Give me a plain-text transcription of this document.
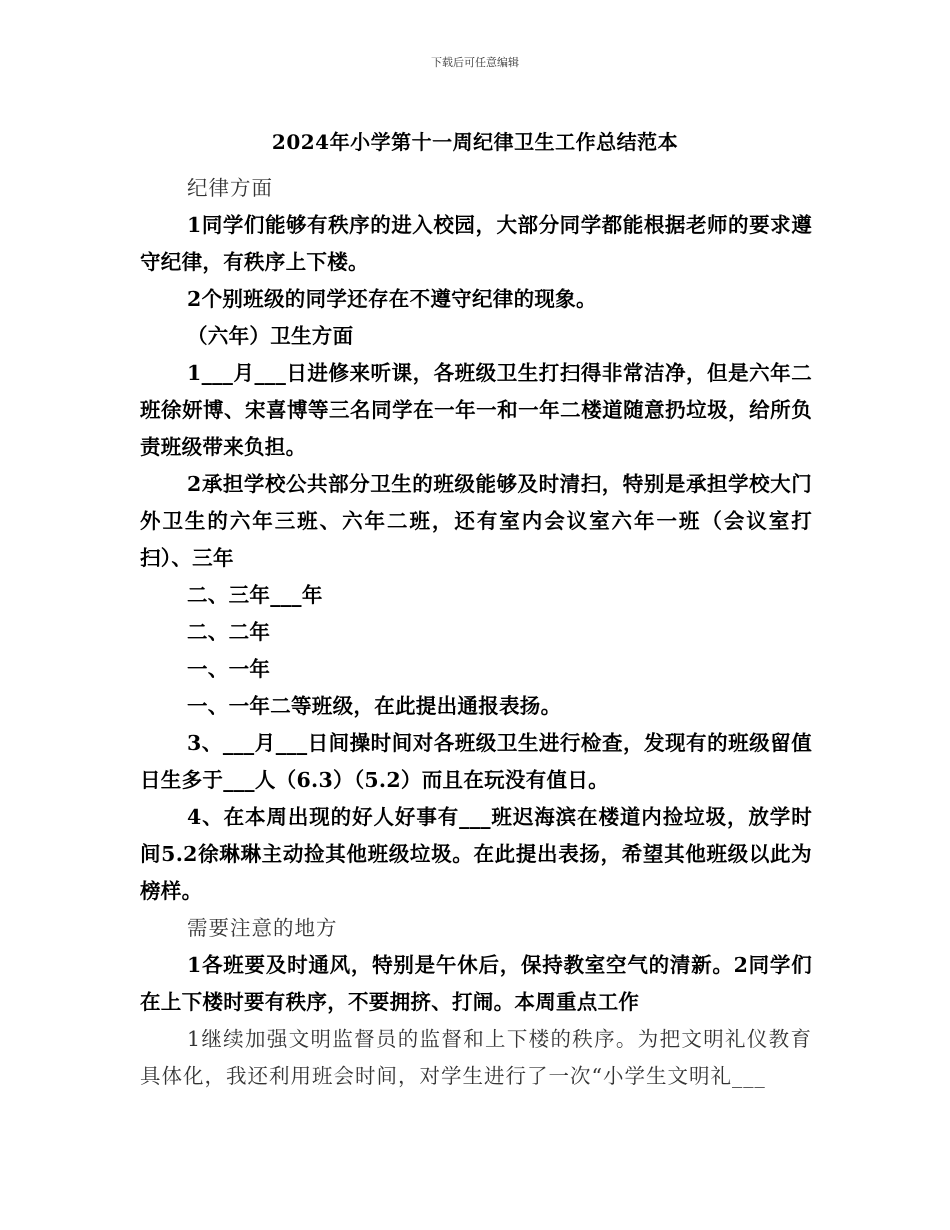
下载后可任意编辑
2024年小学第十一周纪律卫生工作总结范本

纪律方面

1同学们能够有秩序的进入校园，大部分同学都能根据老师的要求遵守纪律，有秩序上下楼。

2个别班级的同学还存在不遵守纪律的现象。

（六年）卫生方面

1___月___日进修来听课，各班级卫生打扫得非常洁净，但是六年二班徐妍博、宋喜博等三名同学在一年一和一年二楼道随意扔垃圾，给所负责班级带来负担。

2承担学校公共部分卫生的班级能够及时清扫，特别是承担学校大门外卫生的六年三班、六年二班，还有室内会议室六年一班（会议室打扫）、三年

二、三年___年

二、二年

一、一年

一、一年二等班级，在此提出通报表扬。

3、___月___日间操时间对各班级卫生进行检查，发现有的班级留值日生多于___人（6.3）（5.2）而且在玩没有值日。

4、在本周出现的好人好事有___班迟海滨在楼道内捡垃圾，放学时间5.2徐琳琳主动捡其他班级垃圾。在此提出表扬，希望其他班级以此为榜样。

需要注意的地方

1各班要及时通风，特别是午休后，保持教室空气的清新。2同学们在上下楼时要有秩序，不要拥挤、打闹。本周重点工作

1继续加强文明监督员的监督和上下楼的秩序。为把文明礼仪教育具体化，我还利用班会时间，对学生进行了一次“小学生文明礼___
